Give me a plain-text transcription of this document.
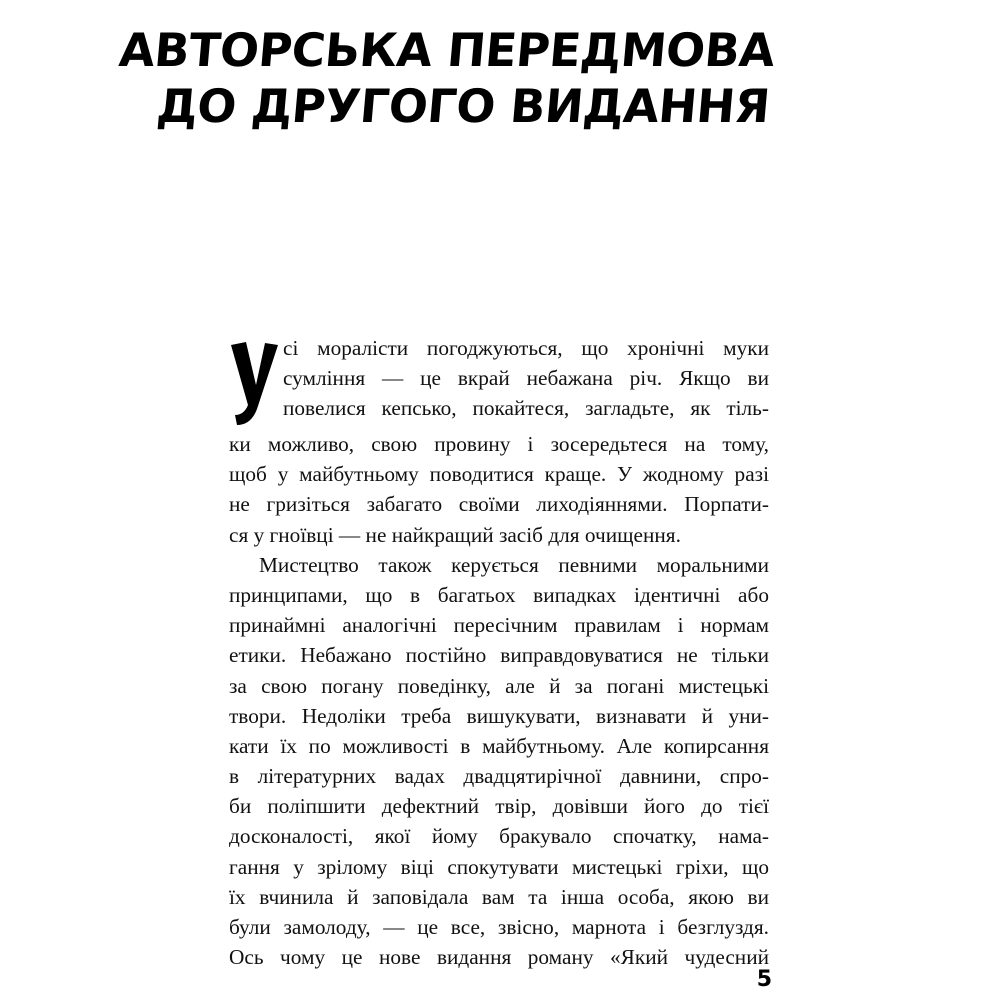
АВТОРСЬКА ПЕРЕДМОВА
ДО ДРУГОГО ВИДАННЯ
У
сі моралісти погоджуються, що хронічні муки
сумління — це вкрай небажана річ. Якщо ви
повелися кепсько, покайтеся, загладьте, як тіль-
ки можливо, свою провину і зосередьтеся на тому,
щоб у майбутньому поводитися краще. У жодному разі
не гризіться забагато своїми лиходіяннями. Порпати-
ся у гноївці — не найкращий засіб для очищення.
Мистецтво також керується певними моральними
принципами, що в багатьох випадках ідентичні або
принаймні аналогічні пересічним правилам і нормам
етики. Небажано постійно виправдовуватися не тільки
за свою погану поведінку, але й за погані мистецькі
твори. Недоліки треба вишукувати, визнавати й уни-
кати їх по можливості в майбутньому. Але копирсання
в літературних вадах двадцятирічної давнини, спро-
би поліпшити дефектний твір, довівши його до тієї
досконалості, якої йому бракувало спочатку, нама-
гання у зрілому віці спокутувати мистецькі гріхи, що
їх вчинила й заповідала вам та інша особа, якою ви
були замолоду, — це все, звісно, марнота і безглуздя.
Ось чому це нове видання роману «Який чудесний
5
